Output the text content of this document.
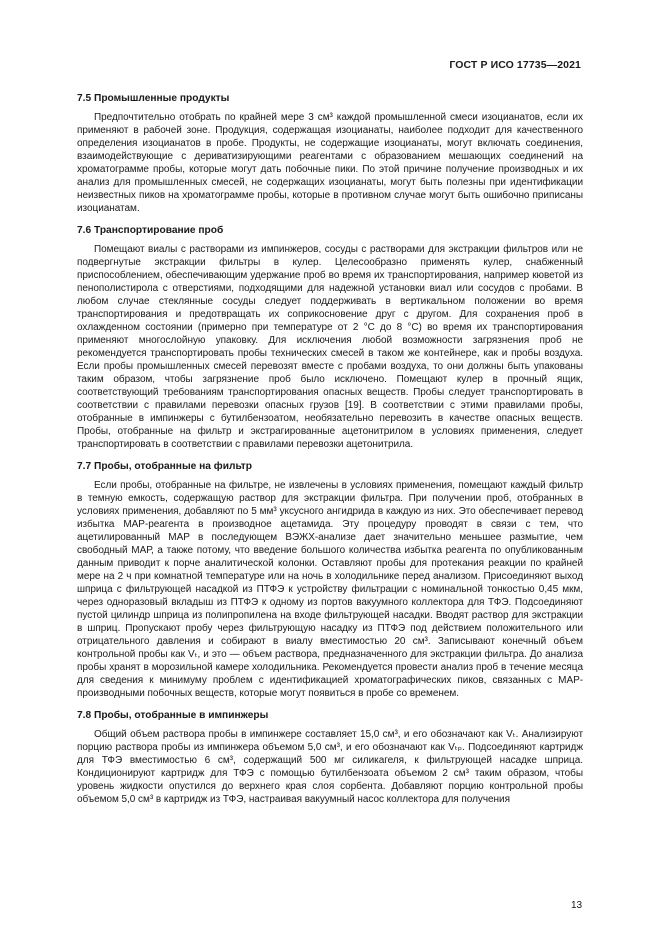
ГОСТ Р ИСО 17735—2021
7.5 Промышленные продукты

Предпочтительно отобрать по крайней мере 3 см³ каждой промышленной смеси изоцианатов, если их применяют в рабочей зоне. Продукция, содержащая изоцианаты, наиболее подходит для качественного определения изоцианатов в пробе. Продукты, не содержащие изоцианаты, могут включать соединения, взаимодействующие с дериватизирующими реагентами с образованием мешающих соединений на хроматограмме пробы, которые могут дать побочные пики. По этой причине получение производных и их анализ для промышленных смесей, не содержащих изоцианаты, могут быть полезны при идентификации неизвестных пиков на хроматограмме пробы, которые в противном случае могут быть ошибочно приписаны изоцианатам.

7.6 Транспортирование проб

Помещают виалы с растворами из импинжеров, сосуды с растворами для экстракции фильтров или не подвергнутые экстракции фильтры в кулер. Целесообразно применять кулер, снабженный приспособлением, обеспечивающим удержание проб во время их транспортирования, например кюветой из пенополистирола с отверстиями, подходящими для надежной установки виал или сосудов с пробами. В любом случае стеклянные сосуды следует поддерживать в вертикальном положении во время транспортирования и предотвращать их соприкосновение друг с другом. Для сохранения проб в охлажденном состоянии (примерно при температуре от 2 °С до 8 °С) во время их транспортирования применяют многослойную упаковку. Для исключения любой возможности загрязнения проб не рекомендуется транспортировать пробы технических смесей в таком же контейнере, как и пробы воздуха. Если пробы промышленных смесей перевозят вместе с пробами воздуха, то они должны быть упакованы таким образом, чтобы загрязнение проб было исключено. Помещают кулер в прочный ящик, соответствующий требованиям транспортирования опасных веществ. Пробы следует транспортировать в соответствии с правилами перевозки опасных грузов [19]. В соответствии с этими правилами пробы, отобранные в импинжеры с бутилбензоатом, необязательно перевозить в качестве опасных веществ. Пробы, отобранные на фильтр и экстрагированные ацетонитрилом в условиях применения, следует транспортировать в соответствии с правилами перевозки ацетонитрила.

7.7 Пробы, отобранные на фильтр

Если пробы, отобранные на фильтре, не извлечены в условиях применения, помещают каждый фильтр в темную емкость, содержащую раствор для экстракции фильтра. При получении проб, отобранных в условиях применения, добавляют по 5 мм³ уксусного ангидрида в каждую из них. Это обеспечивает перевод избытка МАР-реагента в производное ацетамида. Эту процедуру проводят в связи с тем, что ацетилированный МАР в последующем ВЭЖХ-анализе дает значительно меньшее размытие, чем свободный МАР, а также потому, что введение большого количества избытка реагента по опубликованным данным приводит к порче аналитической колонки. Оставляют пробы для протекания реакции по крайней мере на 2 ч при комнатной температуре или на ночь в холодильнике перед анализом. Присоединяют выход шприца с фильтрующей насадкой из ПТФЭ к устройству фильтрации с номинальной тонкостью 0,45 мкм, через одноразовый вкладыш из ПТФЭ к одному из портов вакуумного коллектора для ТФЭ. Подсоединяют пустой цилиндр шприца из полипропилена на входе фильтрующей насадки. Вводят раствор для экстракции в шприц. Пропускают пробу через фильтрующую насадку из ПТФЭ под действием положительного или отрицательного давления и собирают в виалу вместимостью 20 см³. Записывают конечный объем контрольной пробы как Vₜ, и это — объем раствора, предназначенного для экстракции фильтра. До анализа пробы хранят в морозильной камере холодильника. Рекомендуется провести анализ проб в течение месяца для сведения к минимуму проблем с идентификацией хроматографических пиков, связанных с МАР-производными побочных веществ, которые могут появиться в пробе со временем.

7.8 Пробы, отобранные в импинжеры

Общий объем раствора пробы в импинжере составляет 15,0 см³, и его обозначают как Vₜ. Анализируют порцию раствора пробы из импинжера объемом 5,0 см³, и его обозначают как Vₜₚ. Подсоединяют картридж для ТФЭ вместимостью 6 см³, содержащий 500 мг силикагеля, к фильтрующей насадке шприца. Кондиционируют картридж для ТФЭ с помощью бутилбензоата объемом 2 см³ таким образом, чтобы уровень жидкости опустился до верхнего края слоя сорбента. Добавляют порцию контрольной пробы объемом 5,0 см³ в картридж из ТФЭ, настраивая вакуумный насос коллектора для получения

13
